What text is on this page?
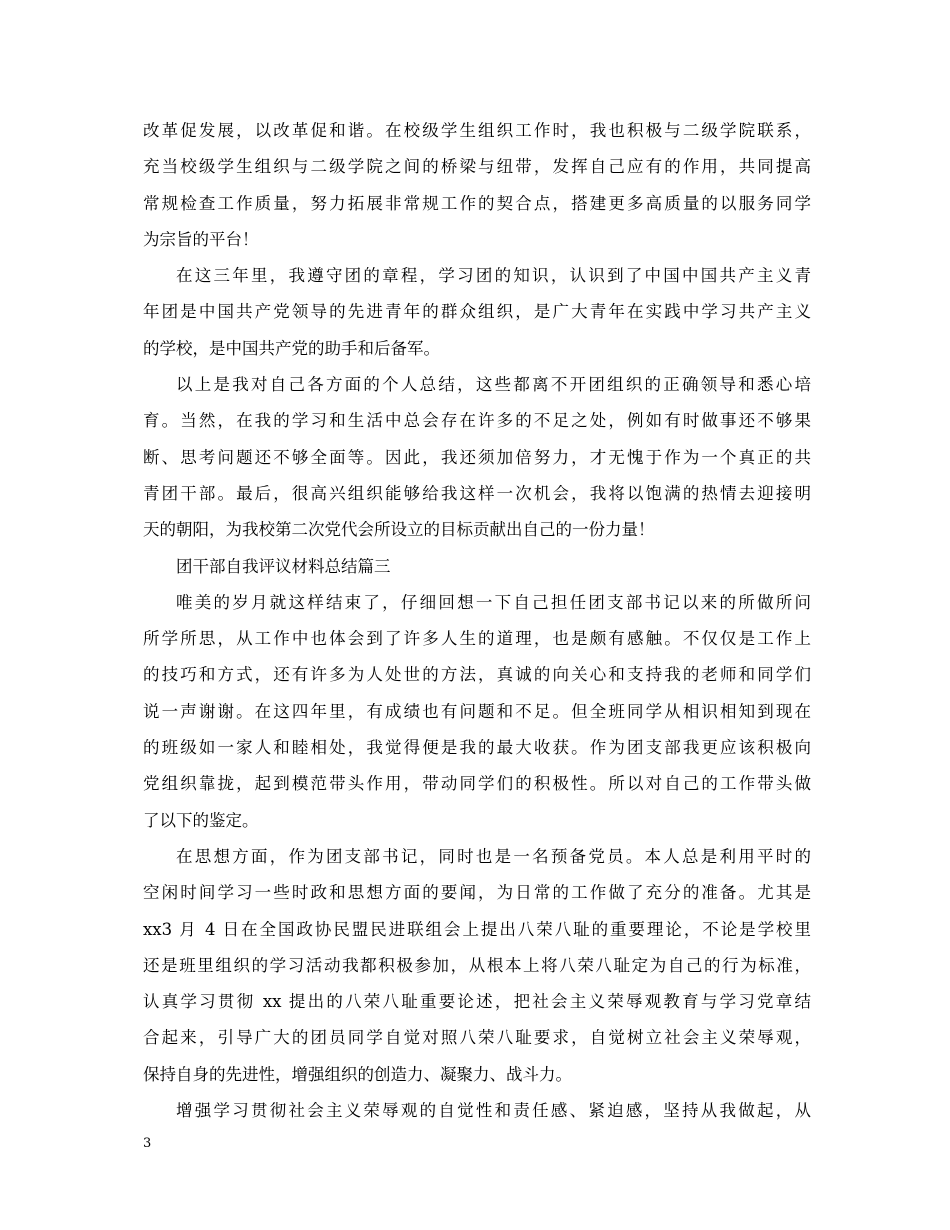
改革促发展，以改革促和谐。在校级学生组织工作时，我也积极与二级学院联系，
充当校级学生组织与二级学院之间的桥梁与纽带，发挥自己应有的作用，共同提高
常规检查工作质量，努力拓展非常规工作的契合点，搭建更多高质量的以服务同学
为宗旨的平台！
在这三年里，我遵守团的章程，学习团的知识，认识到了中国中国共产主义青
年团是中国共产党领导的先进青年的群众组织，是广大青年在实践中学习共产主义
的学校，是中国共产党的助手和后备军。
以上是我对自己各方面的个人总结，这些都离不开团组织的正确领导和悉心培
育。当然，在我的学习和生活中总会存在许多的不足之处，例如有时做事还不够果
断、思考问题还不够全面等。因此，我还须加倍努力，才无愧于作为一个真正的共
青团干部。最后，很高兴组织能够给我这样一次机会，我将以饱满的热情去迎接明
天的朝阳，为我校第二次党代会所设立的目标贡献出自己的一份力量！
团干部自我评议材料总结篇三
唯美的岁月就这样结束了，仔细回想一下自己担任团支部书记以来的所做所问
所学所思，从工作中也体会到了许多人生的道理，也是颇有感触。不仅仅是工作上
的技巧和方式，还有许多为人处世的方法，真诚的向关心和支持我的老师和同学们
说一声谢谢。在这四年里，有成绩也有问题和不足。但全班同学从相识相知到现在
的班级如一家人和睦相处，我觉得便是我的最大收获。作为团支部我更应该积极向
党组织靠拢，起到模范带头作用，带动同学们的积极性。所以对自己的工作带头做
了以下的鉴定。
在思想方面，作为团支部书记，同时也是一名预备党员。本人总是利用平时的
空闲时间学习一些时政和思想方面的要闻，为日常的工作做了充分的准备。尤其是
xx3 月 4 日在全国政协民盟民进联组会上提出八荣八耻的重要理论，不论是学校里
还是班里组织的学习活动我都积极参加，从根本上将八荣八耻定为自己的行为标准，
认真学习贯彻 xx 提出的八荣八耻重要论述，把社会主义荣辱观教育与学习党章结
合起来，引导广大的团员同学自觉对照八荣八耻要求，自觉树立社会主义荣辱观，
保持自身的先进性，增强组织的创造力、凝聚力、战斗力。
增强学习贯彻社会主义荣辱观的自觉性和责任感、紧迫感，坚持从我做起，从
3
